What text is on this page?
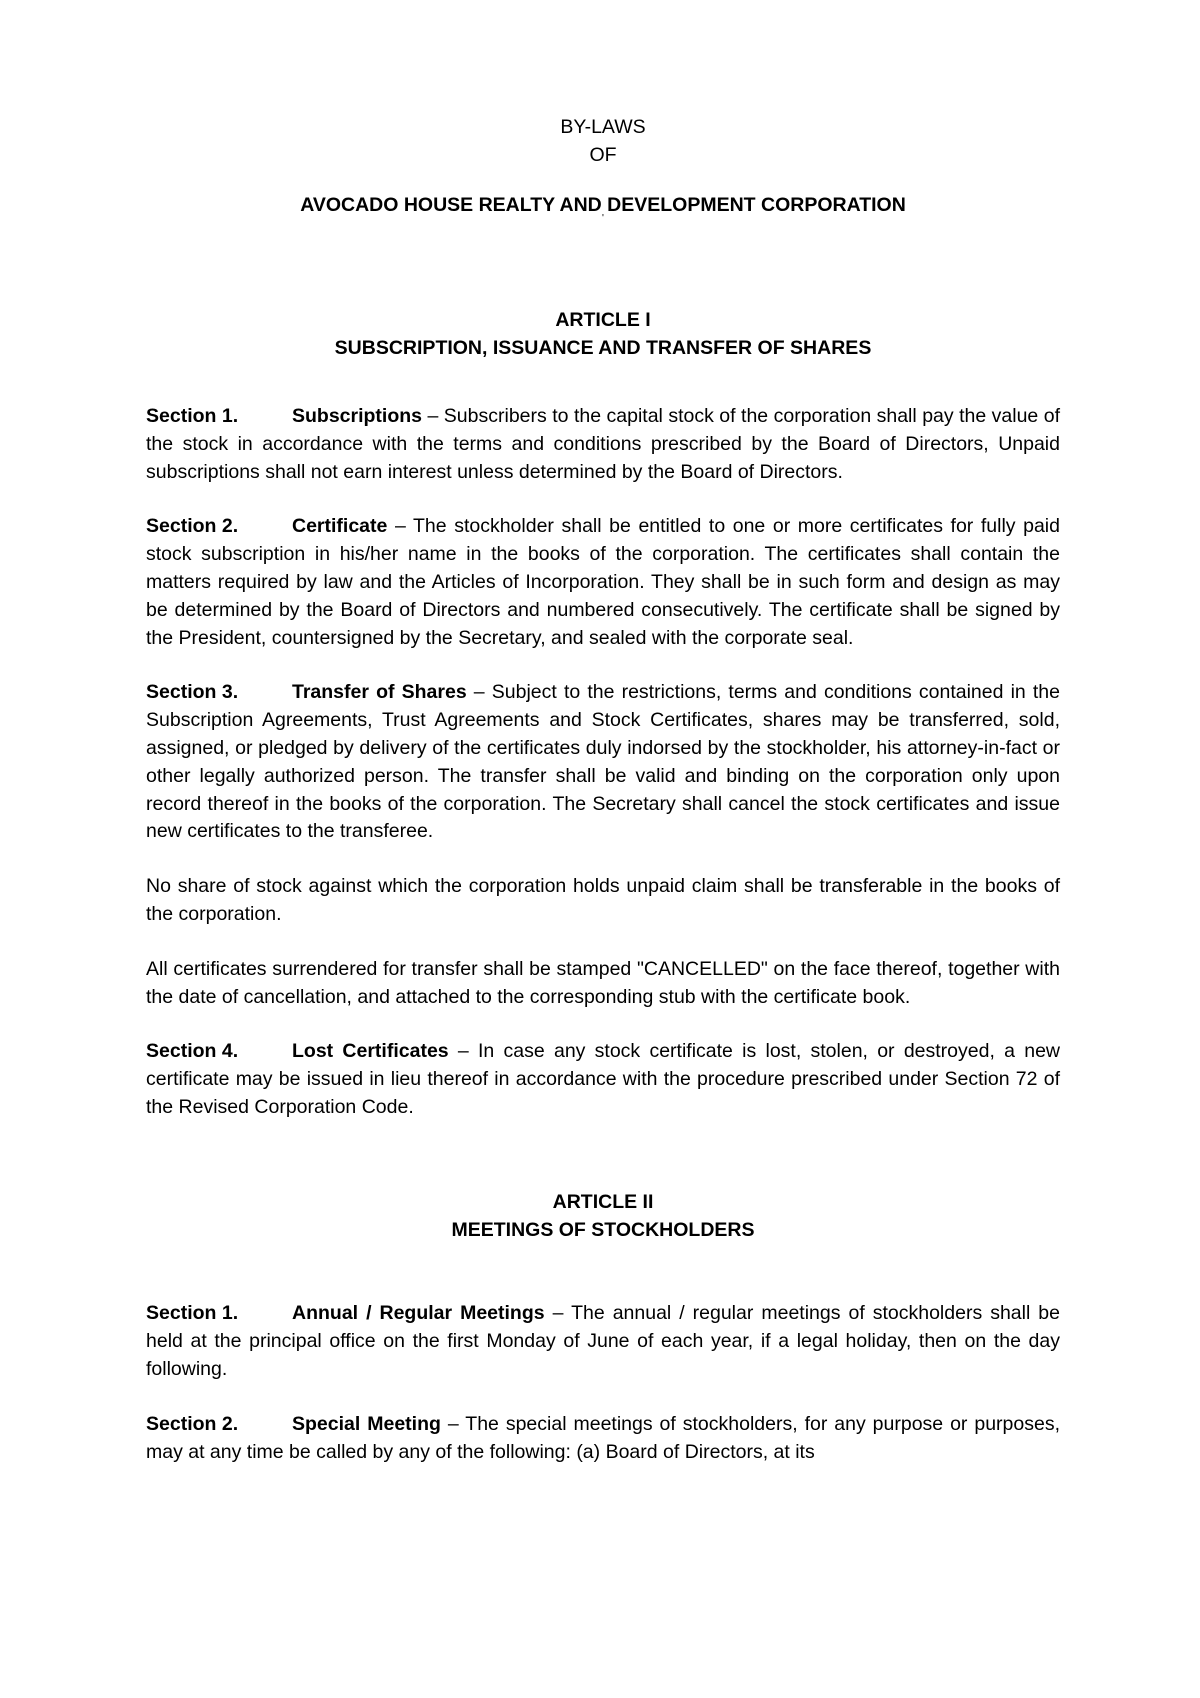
BY-LAWS

OF

AVOCADO HOUSE REALTY AND DEVELOPMENT CORPORATION

'

ARTICLE I

SUBSCRIPTION, ISSUANCE AND TRANSFER OF SHARES

Section 1.	Subscriptions – Subscribers to the capital stock of the corporation shall pay the value of the stock in accordance with the terms and conditions prescribed by the Board of Directors, Unpaid subscriptions shall not earn interest unless determined by the Board of Directors.

Section 2.	Certificate – The stockholder shall be entitled to one or more certificates for fully paid stock subscription in his/her name in the books of the corporation. The certificates shall contain the matters required by law and the Articles of Incorporation. They shall be in such form and design as may be determined by the Board of Directors and numbered consecutively. The certificate shall be signed by the President, countersigned by the Secretary, and sealed with the corporate seal.

Section 3.	Transfer of Shares – Subject to the restrictions, terms and conditions contained in the Subscription Agreements, Trust Agreements and Stock Certificates, shares may be transferred, sold, assigned, or pledged by delivery of the certificates duly indorsed by the stockholder, his attorney-in-fact or other legally authorized person. The transfer shall be valid and binding on the corporation only upon record thereof in the books of the corporation. The Secretary shall cancel the stock certificates and issue new certificates to the transferee.

No share of stock against which the corporation holds unpaid claim shall be transferable in the books of the corporation.

All certificates surrendered for transfer shall be stamped "CANCELLED" on the face thereof, together with the date of cancellation, and attached to the corresponding stub with the certificate book.

Section 4.	Lost Certificates – In case any stock certificate is lost, stolen, or destroyed, a new certificate may be issued in lieu thereof in accordance with the procedure prescribed under Section 72 of the Revised Corporation Code.

ARTICLE II

MEETINGS OF STOCKHOLDERS

Section 1.	Annual / Regular Meetings – The annual / regular meetings of stockholders shall be held at the principal office on the first Monday of June of each year, if a legal holiday, then on the day following.

Section 2.	Special Meeting – The special meetings of stockholders, for any purpose or purposes, may at any time be called by any of the following: (a) Board of Directors, at its
